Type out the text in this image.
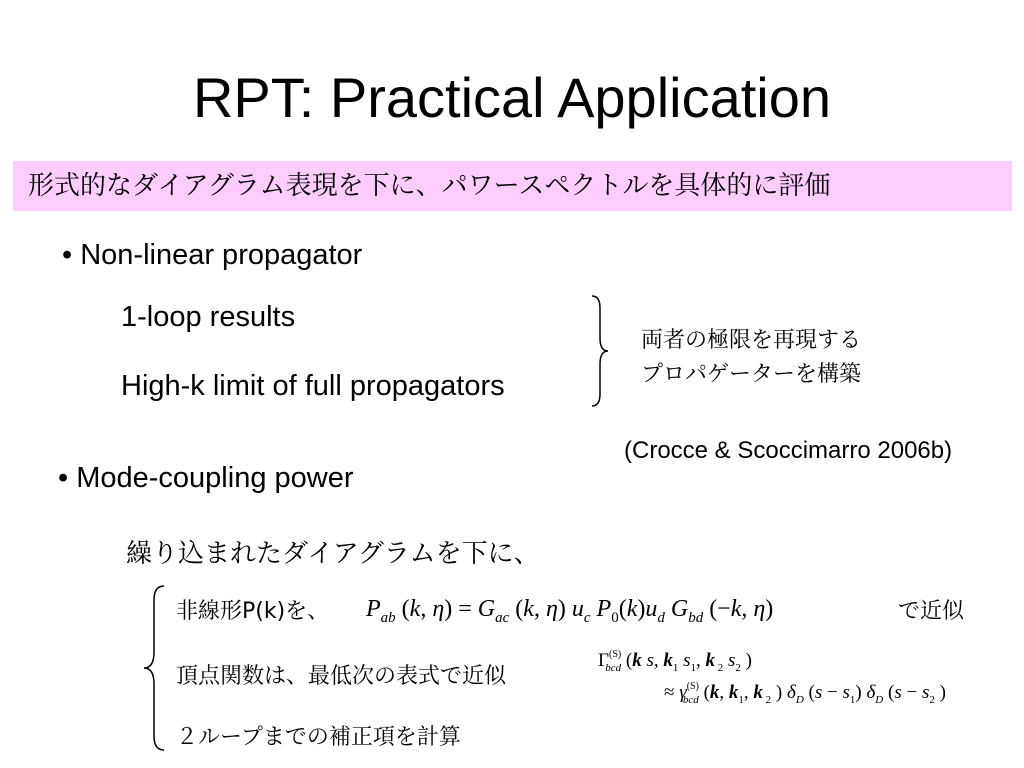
RPT: Practical Application
形式的なダイアグラム表現を下に、パワースペクトルを具体的に評価
• Non-linear propagator
1-loop results
High-k limit of full propagators
両者の極限を再現する
プロパゲーターを構築
(Crocce & Scoccimarro 2006b)
• Mode-coupling power
繰り込まれたダイアグラムを下に、
非線形P(k)を、 $P_{ab}$ (k, $\eta) = G_{ac}$ (k, η) $u_c$ $P_0(k)u_d$ $G_{bd}$ (−k, η)	で近似
頂点関数は、最低次の表式で近似
$\Gamma^{(S)}$ bcd (k s, $k_1$ $s_1$, k $_2$ $s_2$ )
≈ $\gamma^{(S)}$ bcd (k, $k_1$, k $_2$ ) $\delta_D$ $(s - s_1)$ $\delta_D$ ($s - s_2$ )
２ループまでの補正項を計算
